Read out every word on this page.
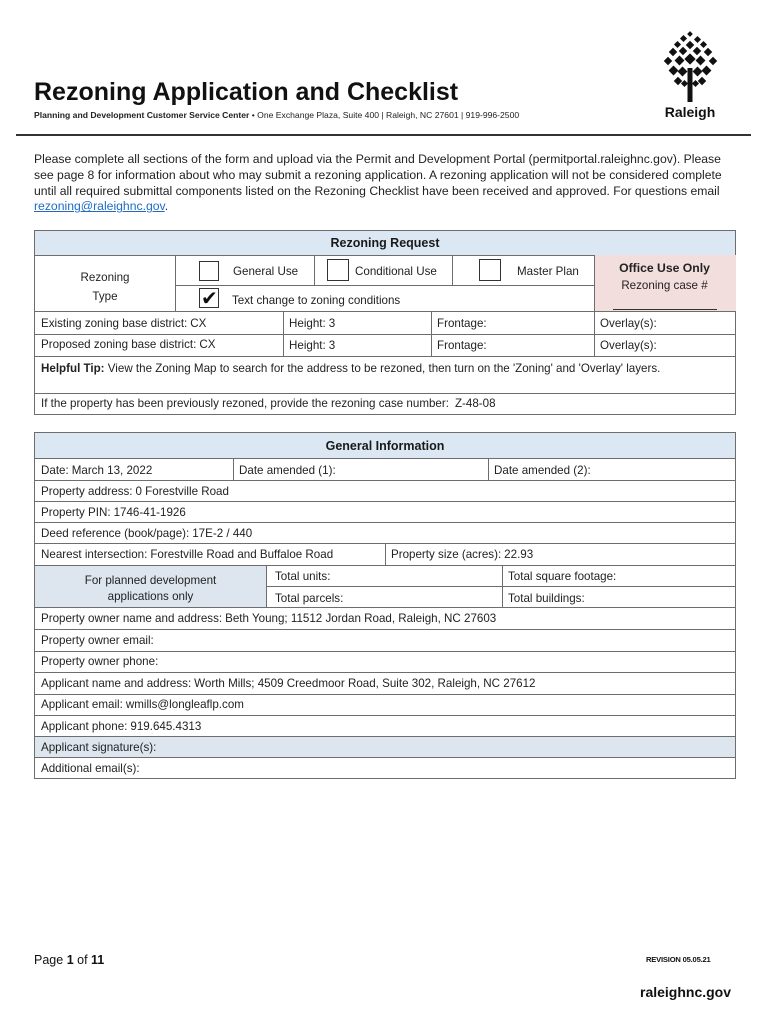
Rezoning Application and Checklist
Planning and Development Customer Service Center • One Exchange Plaza, Suite 400 | Raleigh, NC 27601 | 919-996-2500	Raleigh
Please complete all sections of the form and upload via the Permit and Development Portal (permitportal.raleighnc.gov). Please see page 8 for information about who may submit a rezoning application. A rezoning application will not be considered complete until all required submittal components listed on the Rezoning Checklist have been received and approved. For questions email rezoning@raleighnc.gov.
Rezoning Request
Rezoning
Type
General Use	Conditional Use	Master Plan
✔	Text change to zoning conditions
Office Use Only
Rezoning case #
Existing zoning base district: CX	Height: 3	Frontage:	Overlay(s):
Proposed zoning base district: CX	Height: 3	Frontage:	Overlay(s):
Helpful Tip: View the Zoning Map to search for the address to be rezoned, then turn on the 'Zoning' and 'Overlay' layers.
If the property has been previously rezoned, provide the rezoning case number: Z-48-08
General Information
Date: March 13, 2022	Date amended (1):	Date amended (2):
Property address: 0 Forestville Road
Property PIN: 1746-41-1926
Deed reference (book/page): 17E-2 / 440
Nearest intersection: Forestville Road and Buffaloe Road	Property size (acres): 22.93
For planned development
applications only
Total units:	Total square footage:
Total parcels:	Total buildings:
Property owner name and address: Beth Young; 11512 Jordan Road, Raleigh, NC 27603
Property owner email:
Property owner phone:
Applicant name and address: Worth Mills; 4509 Creedmoor Road, Suite 302, Raleigh, NC 27612
Applicant email: wmills@longleaflp.com
Applicant phone: 919.645.4313
Applicant signature(s):
Additional email(s):
Page 1 of 11	REVISION 05.05.21
raleighnc.gov
